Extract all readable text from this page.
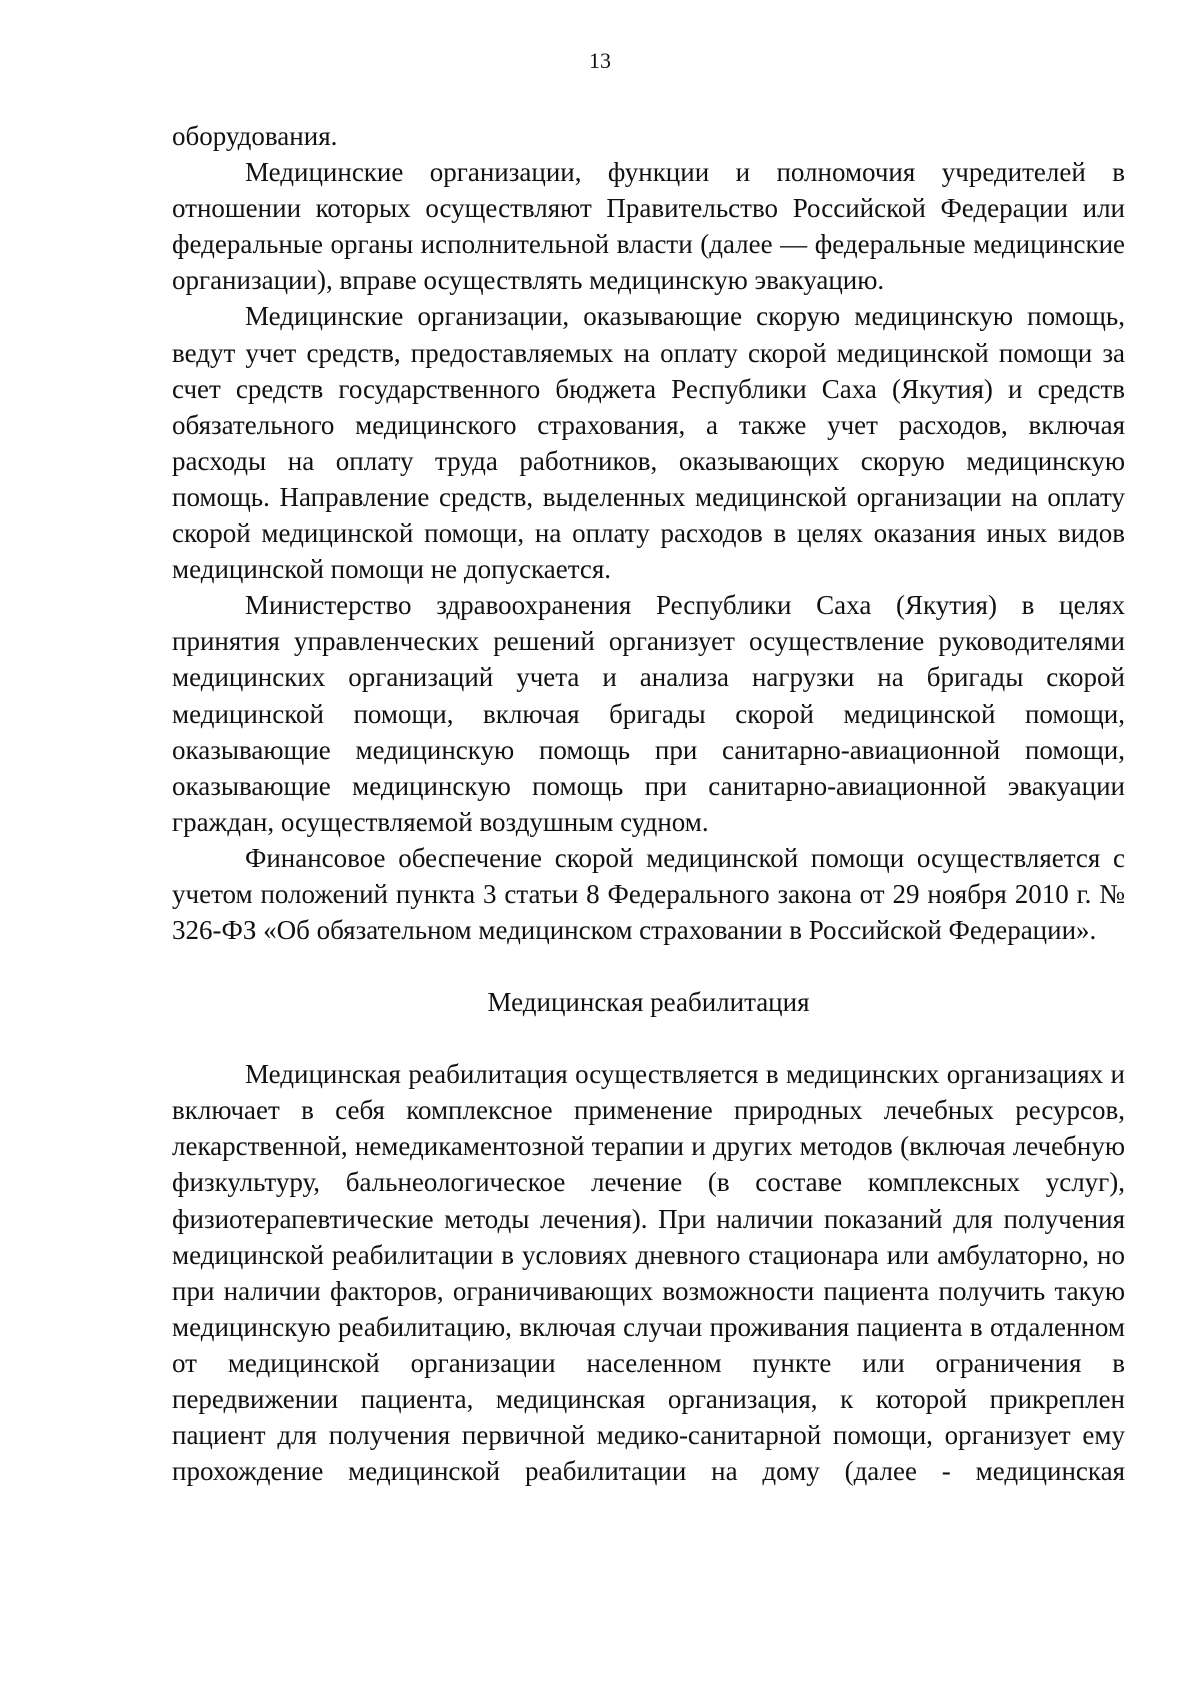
13

оборудования.

Медицинские организации, функции и полномочия учредителей в отношении которых осуществляют Правительство Российской Федерации или федеральные органы исполнительной власти (далее — федеральные медицинские организации), вправе осуществлять медицинскую эвакуацию.

Медицинские организации, оказывающие скорую медицинскую помощь, ведут учет средств, предоставляемых на оплату скорой медицинской помощи за счет средств государственного бюджета Республики Саха (Якутия) и средств обязательного медицинского страхования, а также учет расходов, включая расходы на оплату труда работников, оказывающих скорую медицинскую помощь. Направление средств, выделенных медицинской организации на оплату скорой медицинской помощи, на оплату расходов в целях оказания иных видов медицинской помощи не допускается.

Министерство здравоохранения Республики Саха (Якутия) в целях принятия управленческих решений организует осуществление руководителями медицинских организаций учета и анализа нагрузки на бригады скорой медицинской помощи, включая бригады скорой медицинской помощи, оказывающие медицинскую помощь при санитарно-авиационной помощи, оказывающие медицинскую помощь при санитарно-авиационной эвакуации граждан, осуществляемой воздушным судном.

Финансовое обеспечение скорой медицинской помощи осуществляется с учетом положений пункта 3 статьи 8 Федерального закона от 29 ноября 2010 г. № 326-ФЗ «Об обязательном медицинском страховании в Российской Федерации».

Медицинская реабилитация

Медицинская реабилитация осуществляется в медицинских организациях и включает в себя комплексное применение природных лечебных ресурсов, лекарственной, немедикаментозной терапии и других методов (включая лечебную физкультуру, бальнеологическое лечение (в составе комплексных услуг), физиотерапевтические методы лечения). При наличии показаний для получения медицинской реабилитации в условиях дневного стационара или амбулаторно, но при наличии факторов, ограничивающих возможности пациента получить такую медицинскую реабилитацию, включая случаи проживания пациента в отдаленном от медицинской организации населенном пункте или ограничения в передвижении пациента, медицинская организация, к которой прикреплен пациент для получения первичной медико-санитарной помощи, организует ему прохождение медицинской реабилитации на дому (далее - медицинская
